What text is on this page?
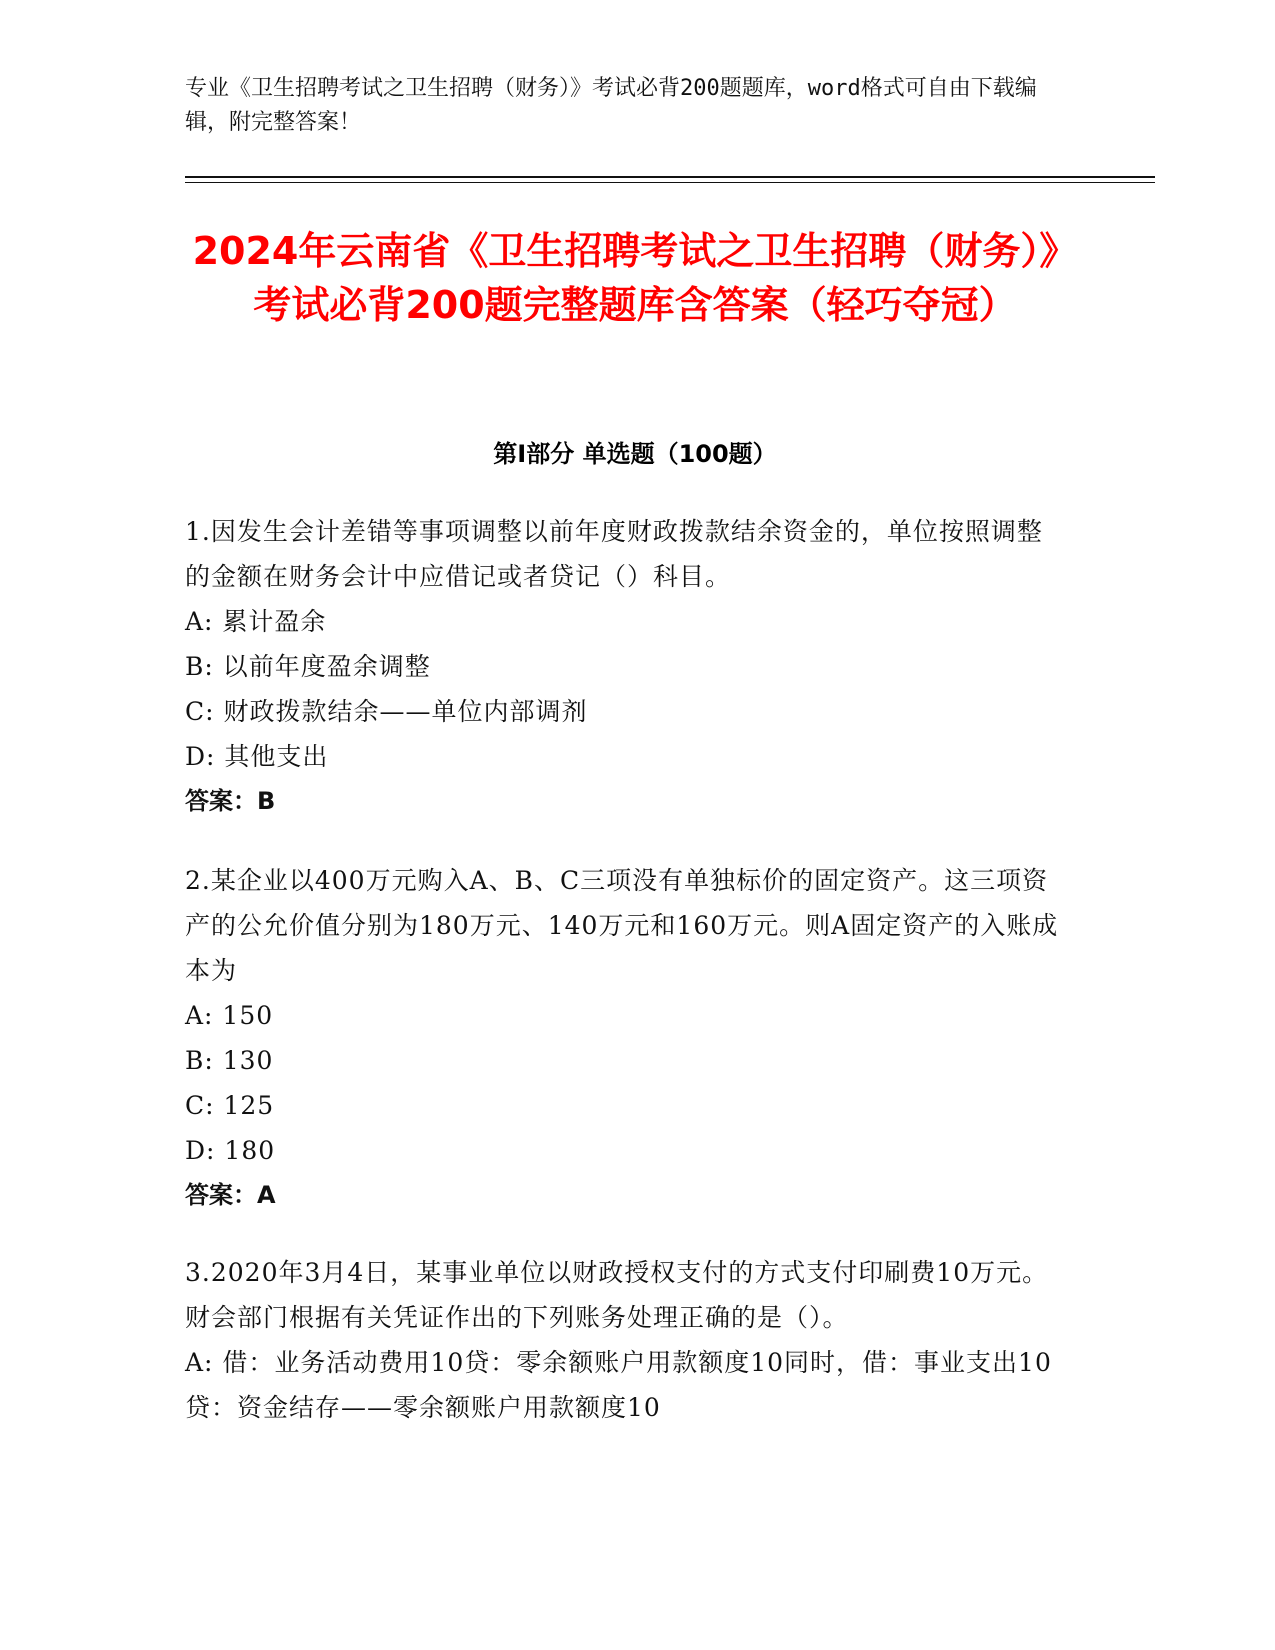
专业《卫生招聘考试之卫生招聘（财务）》考试必背200题题库，word格式可自由下载编辑，附完整答案！
2024年云南省《卫生招聘考试之卫生招聘（财务）》考试必背200题完整题库含答案（轻巧夺冠）
第Ⅰ部分 单选题（100题）
1.因发生会计差错等事项调整以前年度财政拨款结余资金的，单位按照调整的金额在财务会计中应借记或者贷记（）科目。
A: 累计盈余
B: 以前年度盈余调整
C: 财政拨款结余——单位内部调剂
D: 其他支出
答案：B
2.某企业以400万元购入A、B、C三项没有单独标价的固定资产。这三项资产的公允价值分别为180万元、140万元和160万元。则A固定资产的入账成本为
A: 150
B: 130
C: 125
D: 180
答案：A
3.2020年3月4日，某事业单位以财政授权支付的方式支付印刷费10万元。财会部门根据有关凭证作出的下列账务处理正确的是（）。
A: 借：业务活动费用10贷：零余额账户用款额度10同时，借：事业支出10贷：资金结存——零余额账户用款额度10
